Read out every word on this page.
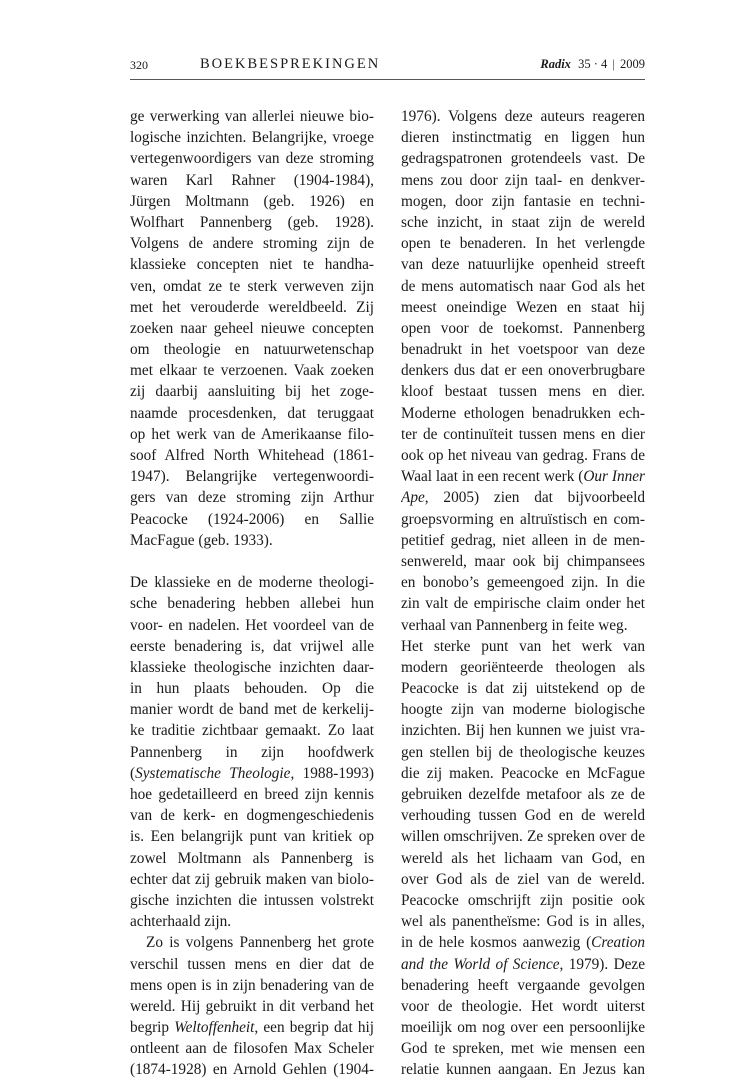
320	BOEKBESPREKINGEN	Radix 35 · 4 | 2009
ge verwerking van allerlei nieuwe bio-
logische inzichten. Belangrijke, vroege
vertegenwoordigers van deze stroming
waren Karl Rahner (1904-1984),
Jürgen Moltmann (geb. 1926) en
Wolfhart Pannenberg (geb. 1928).
Volgens de andere stroming zijn de
klassieke concepten niet te handha-
ven, omdat ze te sterk verweven zijn
met het verouderde wereldbeeld. Zij
zoeken naar geheel nieuwe concepten
om theologie en natuurwetenschap
met elkaar te verzoenen. Vaak zoeken
zij daarbij aansluiting bij het zoge-
naamde procesdenken, dat teruggaat
op het werk van de Amerikaanse filo-
soof Alfred North Whitehead (1861-
1947). Belangrijke vertegenwoordi-
gers van deze stroming zijn Arthur
Peacocke (1924-2006) en Sallie
MacFague (geb. 1933).
De klassieke en de moderne theologi-
sche benadering hebben allebei hun
voor- en nadelen. Het voordeel van de
eerste benadering is, dat vrijwel alle
klassieke theologische inzichten daar-
in hun plaats behouden. Op die
manier wordt de band met de kerkelij-
ke traditie zichtbaar gemaakt. Zo laat
Pannenberg in zijn hoofdwerk
(Systematische Theologie, 1988-1993)
hoe gedetailleerd en breed zijn kennis
van de kerk- en dogmengeschiedenis
is. Een belangrijk punt van kritiek op
zowel Moltmann als Pannenberg is
echter dat zij gebruik maken van biolo-
gische inzichten die intussen volstrekt
achterhaald zijn.
Zo is volgens Pannenberg het grote
verschil tussen mens en dier dat de
mens open is in zijn benadering van de
wereld. Hij gebruikt in dit verband het
begrip Weltoffenheit, een begrip dat hij
ontleent aan de filosofen Max Scheler
(1874-1928) en Arnold Gehlen (1904-
1976). Volgens deze auteurs reageren
dieren instinctmatig en liggen hun
gedragspatronen grotendeels vast. De
mens zou door zijn taal- en denkver-
mogen, door zijn fantasie en techni-
sche inzicht, in staat zijn de wereld
open te benaderen. In het verlengde
van deze natuurlijke openheid streeft
de mens automatisch naar God als het
meest oneindige Wezen en staat hij
open voor de toekomst. Pannenberg
benadrukt in het voetspoor van deze
denkers dus dat er een onoverbrugbare
kloof bestaat tussen mens en dier.
Moderne ethologen benadrukken ech-
ter de continuïteit tussen mens en dier
ook op het niveau van gedrag. Frans de
Waal laat in een recent werk (Our Inner
Ape, 2005) zien dat bijvoorbeeld
groepsvorming en altruïstisch en com-
petitief gedrag, niet alleen in de men-
senwereld, maar ook bij chimpansees
en bonobo’s gemeengoed zijn. In die
zin valt de empirische claim onder het
verhaal van Pannenberg in feite weg.
Het sterke punt van het werk van
modern georiënteerde theologen als
Peacocke is dat zij uitstekend op de
hoogte zijn van moderne biologische
inzichten. Bij hen kunnen we juist vra-
gen stellen bij de theologische keuzes
die zij maken. Peacocke en McFague
gebruiken dezelfde metafoor als ze de
verhouding tussen God en de wereld
willen omschrijven. Ze spreken over de
wereld als het lichaam van God, en
over God als de ziel van de wereld.
Peacocke omschrijft zijn positie ook
wel als panentheïsme: God is in alles,
in de hele kosmos aanwezig (Creation
and the World of Science, 1979). Deze
benadering heeft vergaande gevolgen
voor de theologie. Het wordt uiterst
moeilijk om nog over een persoonlijke
God te spreken, met wie mensen een
relatie kunnen aangaan. En Jezus kan
